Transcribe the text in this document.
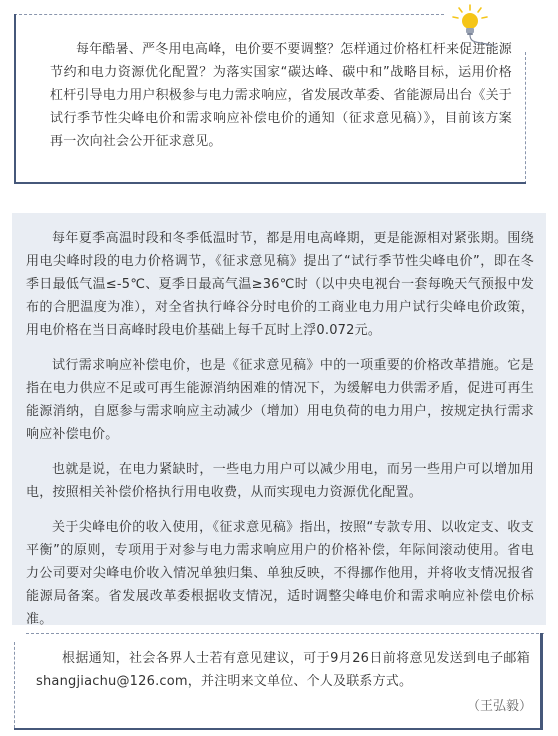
每年酷暑、严冬用电高峰，电价要不要调整？怎样通过价格杠杆来促进能源节约和电力资源优化配置？为落实国家“碳达峰、碳中和”战略目标，运用价格杠杆引导电力用户积极参与电力需求响应，省发展改革委、省能源局出台《关于试行季节性尖峰电价和需求响应补偿电价的通知（征求意见稿）》，目前该方案再一次向社会公开征求意见。

每年夏季高温时段和冬季低温时节，都是用电高峰期，更是能源相对紧张期。围绕用电尖峰时段的电力价格调节，《征求意见稿》提出了“试行季节性尖峰电价”，即在冬季日最低气温≤-5℃、夏季日最高气温≥36℃时（以中央电视台一套每晚天气预报中发布的合肥温度为准），对全省执行峰谷分时电价的工商业电力用户试行尖峰电价政策，用电价格在当日高峰时段电价基础上每千瓦时上浮0.072元。

试行需求响应补偿电价，也是《征求意见稿》中的一项重要的价格改革措施。它是指在电力供应不足或可再生能源消纳困难的情况下，为缓解电力供需矛盾，促进可再生能源消纳，自愿参与需求响应主动减少（增加）用电负荷的电力用户，按规定执行需求响应补偿电价。

也就是说，在电力紧缺时，一些电力用户可以减少用电，而另一些用户可以增加用电，按照相关补偿价格执行用电收费，从而实现电力资源优化配置。

关于尖峰电价的收入使用，《征求意见稿》指出，按照“专款专用、以收定支、收支平衡”的原则，专项用于对参与电力需求响应用户的价格补偿，年际间滚动使用。省电力公司要对尖峰电价收入情况单独归集、单独反映，不得挪作他用，并将收支情况报省能源局备案。省发展改革委根据收支情况，适时调整尖峰电价和需求响应补偿电价标准。

根据通知，社会各界人士若有意见建议，可于9月26日前将意见发送到电子邮箱shangjiachu@126.com，并注明来文单位、个人及联系方式。

（王弘毅）
